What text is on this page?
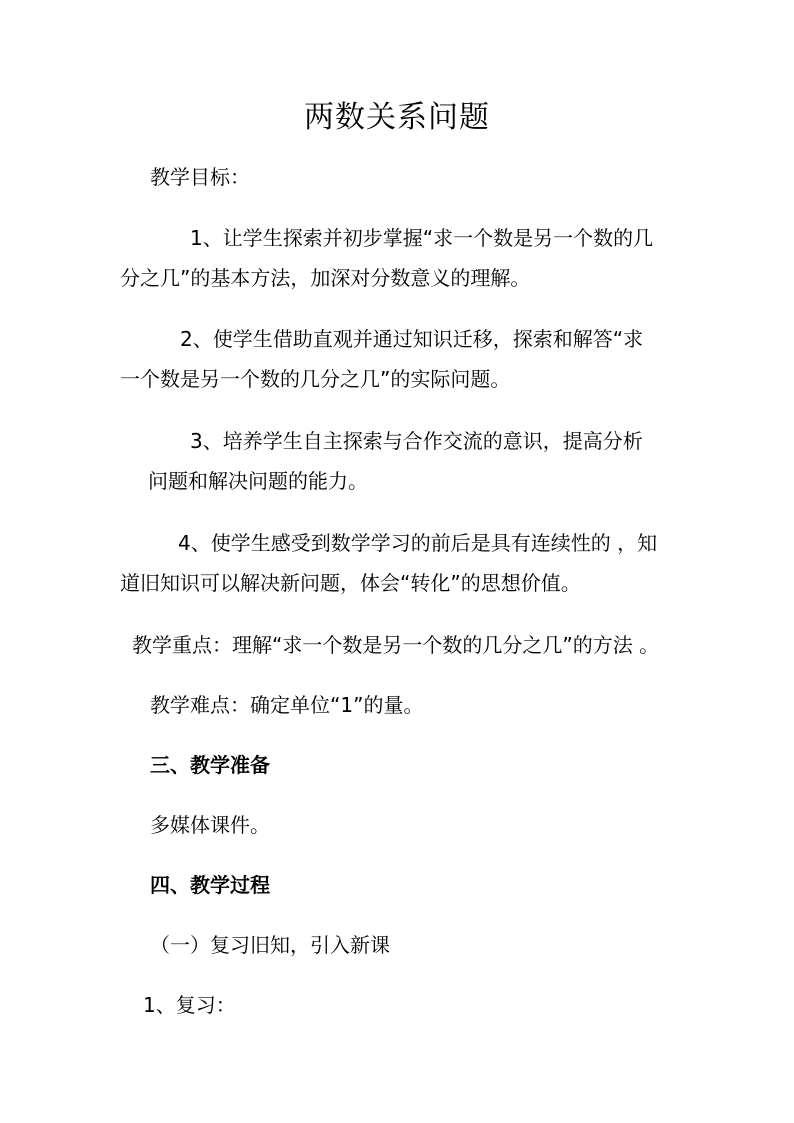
两数关系问题
教学目标：
1、让学生探索并初步掌握“求一个数是另一个数的几
分之几”的基本方法，加深对分数意义的理解。
2、使学生借助直观并通过知识迁移，探索和解答“求
一个数是另一个数的几分之几”的实际问题。
3、培养学生自主探索与合作交流的意识，提高分析
问题和解决问题的能力。
4、使学生感受到数学学习的前后是具有连续性的 ，知
道旧知识可以解决新问题，体会“转化”的思想价值。
教学重点：理解“求一个数是另一个数的几分之几”的方法 。
教学难点：确定单位“1”的量。
三、教学准备
多媒体课件。
四、教学过程
（一）复习旧知，引入新课
1、复习：
